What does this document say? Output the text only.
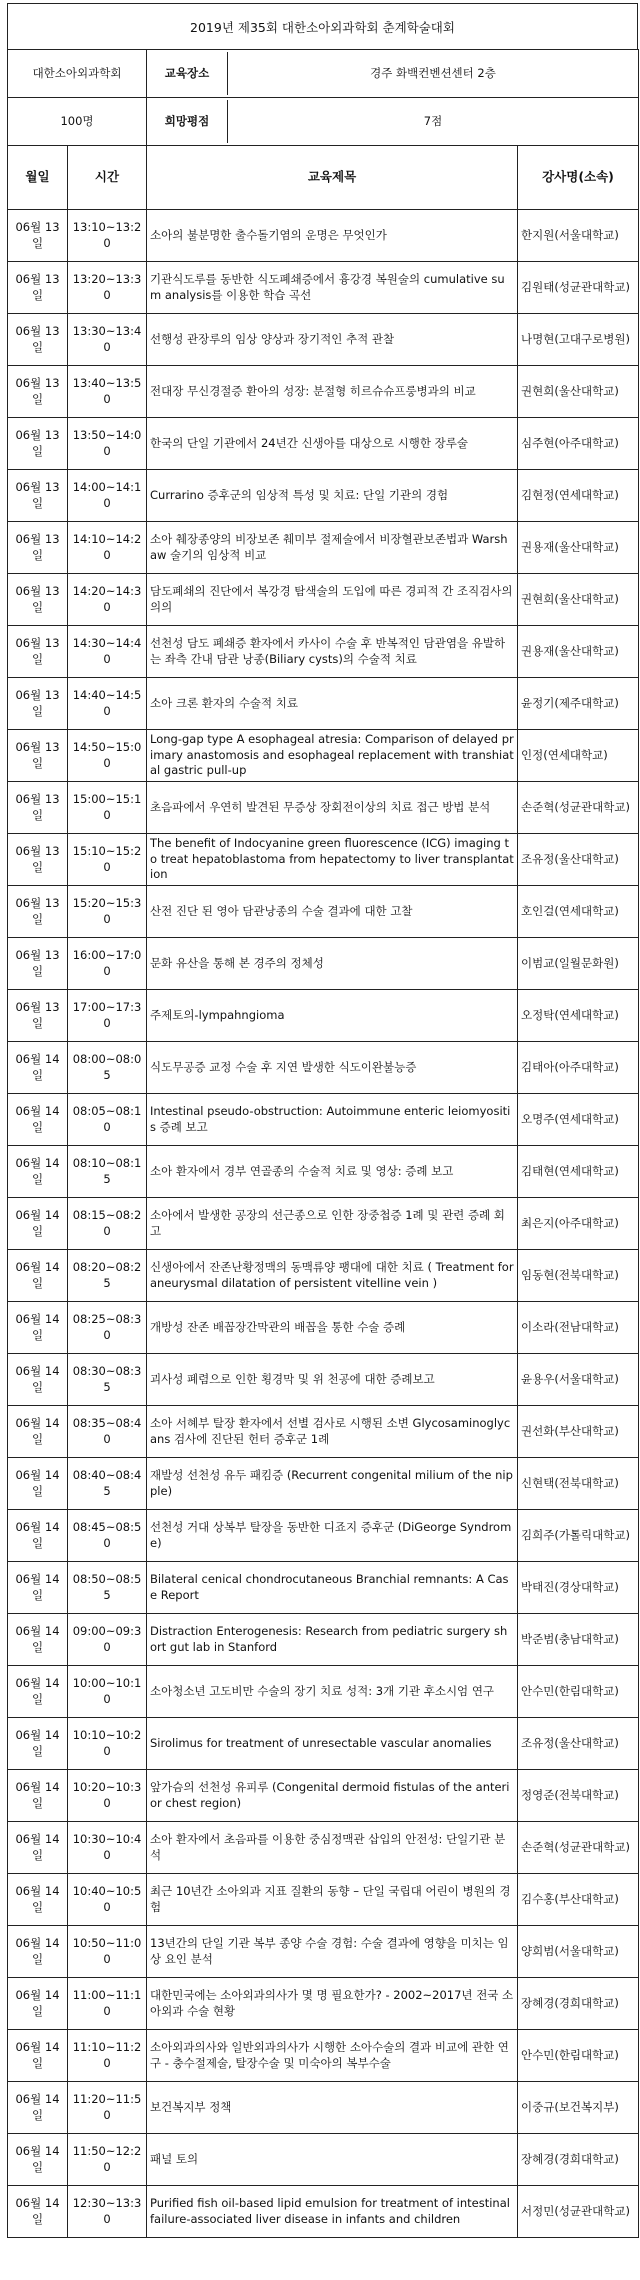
2019년 제35회 대한소아외과학회 춘계학술대회
대한소아외과학회		교육장소 경주 화백컨벤션센터 2층	

100명		희망평점 7점	

월일	시간	교육제목	강사명(소속)
06월 13일	13:10~13:20	소아의 불분명한 출수돌기염의 운명은 무엇인가	한지원(서울대학교)
06월 13일	13:20~13:30	기관식도루를 동반한 식도폐쇄증에서 흉강경 복원술의 cumulative sum analysis를 이용한 학습 곡선	김원태(성균관대학교)
06월 13일	13:30~13:40	선행성 관장루의 임상 양상과 장기적인 추적 관찰	나명현(고대구로병원)
06월 13일	13:40~13:50	전대장 무신경절증 환아의 성장: 분절형 히르슈슈프룽병과의 비교	권현희(울산대학교)
06월 13일	13:50~14:00	한국의 단일 기관에서 24년간 신생아를 대상으로 시행한 장루술	심주현(아주대학교)
06월 13일	14:00~14:10	Currarino 증후군의 임상적 특성 및 치료: 단일 기관의 경험	김현정(연세대학교)
06월 13일	14:10~14:20	소아 췌장종양의 비장보존 췌미부 절제술에서 비장혈관보존법과 Warshaw 술기의 임상적 비교	권용재(울산대학교)
06월 13일	14:20~14:30	담도폐쇄의 진단에서 복강경 탐색술의 도입에 따른 경피적 간 조직검사의 의의	권현희(울산대학교)
06월 13일	14:30~14:40	선천성 담도 폐쇄증 환자에서 카사이 수술 후 반복적인 담관염을 유발하는 좌측 간내 담관 낭종(Biliary cysts)의 수술적 치료	권용재(울산대학교)
06월 13일	14:40~14:50	소아 크론 환자의 수술적 치료	윤정기(제주대학교)
06월 13일	14:50~15:00	Long-gap type A esophageal atresia: Comparison of delayed primary anastomosis and esophageal replacement with transhiatal gastric pull-up	인정(연세대학교)
06월 13일	15:00~15:10	초음파에서 우연히 발견된 무증상 장회전이상의 치료 접근 방법 분석	손준혁(성균관대학교)
06월 13일	15:10~15:20	The benefit of Indocyanine green fluorescence (ICG) imaging to treat hepatoblastoma from hepatectomy to liver transplantation	조유정(울산대학교)
06월 13일	15:20~15:30	산전 진단 된 영아 담관낭종의 수술 결과에 대한 고찰	호인걸(연세대학교)
06월 13일	16:00~17:00	문화 유산을 통해 본 경주의 정체성	이범교(일월문화원)
06월 13일	17:00~17:30	주제토의-lympahngioma	오정탁(연세대학교)
06월 14일	08:00~08:05	식도무공증 교정 수술 후 지연 발생한 식도이완불능증	김태아(아주대학교)
06월 14일	08:05~08:10	Intestinal pseudo-obstruction: Autoimmune enteric leiomyositis 증례 보고	오명주(연세대학교)
06월 14일	08:10~08:15	소아 환자에서 경부 연골종의 수술적 치료 및 영상: 증례 보고	김태현(연세대학교)
06월 14일	08:15~08:20	소아에서 발생한 공장의 선근종으로 인한 장중첩증 1례 및 관련 증례 회고	최은지(아주대학교)
06월 14일	08:20~08:25	신생아에서 잔존난황정맥의 동맥류양 팽대에 대한 치료 ( Treatment for aneurysmal dilatation of persistent vitelline vein )	임동현(전북대학교)
06월 14일	08:25~08:30	개방성 잔존 배꼽장간막관의 배꼽을 통한 수술 증례	이소라(전남대학교)
06월 14일	08:30~08:35	괴사성 폐렴으로 인한 횡경막 및 위 천공에 대한 증례보고	윤용우(서울대학교)
06월 14일	08:35~08:40	소아 서혜부 탈장 환자에서 선별 검사로 시행된 소변 Glycosaminoglycans 검사에 진단된 헌터 증후군 1례	권선화(부산대학교)
06월 14일	08:40~08:45	재발성 선천성 유두 패킴증 (Recurrent congenital milium of the nipple)	신현택(전북대학교)
06월 14일	08:45~08:50	선천성 거대 상복부 탈장을 동반한 디죠지 증후군 (DiGeorge Syndrome)	김희주(가톨릭대학교)
06월 14일	08:50~08:55	Bilateral cenical chondrocutaneous Branchial remnants: A Case Report	박태진(경상대학교)
06월 14일	09:00~09:30	Distraction Enterogenesis: Research from pediatric surgery short gut lab in Stanford	박준범(충남대학교)
06월 14일	10:00~10:10	소아청소년 고도비만 수술의 장기 치료 성적: 3개 기관 후소시엄 연구	안수민(한림대학교)
06월 14일	10:10~10:20	Sirolimus for treatment of unresectable vascular anomalies	조유정(울산대학교)
06월 14일	10:20~10:30	앞가슴의 선천성 유피루 (Congenital dermoid fistulas of the anterior chest region)	정영준(전북대학교)
06월 14일	10:30~10:40	소아 환자에서 초음파를 이용한 중심정맥관 삽입의 안전성: 단일기관 분석	손준혁(성균관대학교)
06월 14일	10:40~10:50	최근 10년간 소아외과 지표 질환의 동향 – 단일 국립대 어린이 병원의 경험	김수홍(부산대학교)
06월 14일	10:50~11:00	13년간의 단일 기관 복부 종양 수술 경험: 수술 결과에 영향을 미치는 임상 요인 분석	양희범(서울대학교)
06월 14일	11:00~11:10	대한민국에는 소아외과의사가 몇 명 필요한가? - 2002~2017년 전국 소아외과 수술 현황	장혜경(경희대학교)
06월 14일	11:10~11:20	소아외과의사와 일반외과의사가 시행한 소아수술의 결과 비교에 관한 연구 - 충수절제술, 탈장수술 및 미숙아의 복부수술	안수민(한림대학교)
06월 14일	11:20~11:50	보건복지부 정책	이중규(보건복지부)
06월 14일	11:50~12:20	패널 토의	장혜경(경희대학교)
06월 14일	12:30~13:30	Purified fish oil-based lipid emulsion for treatment of intestinal failure-associated liver disease in infants and children	서정민(성균관대학교)
